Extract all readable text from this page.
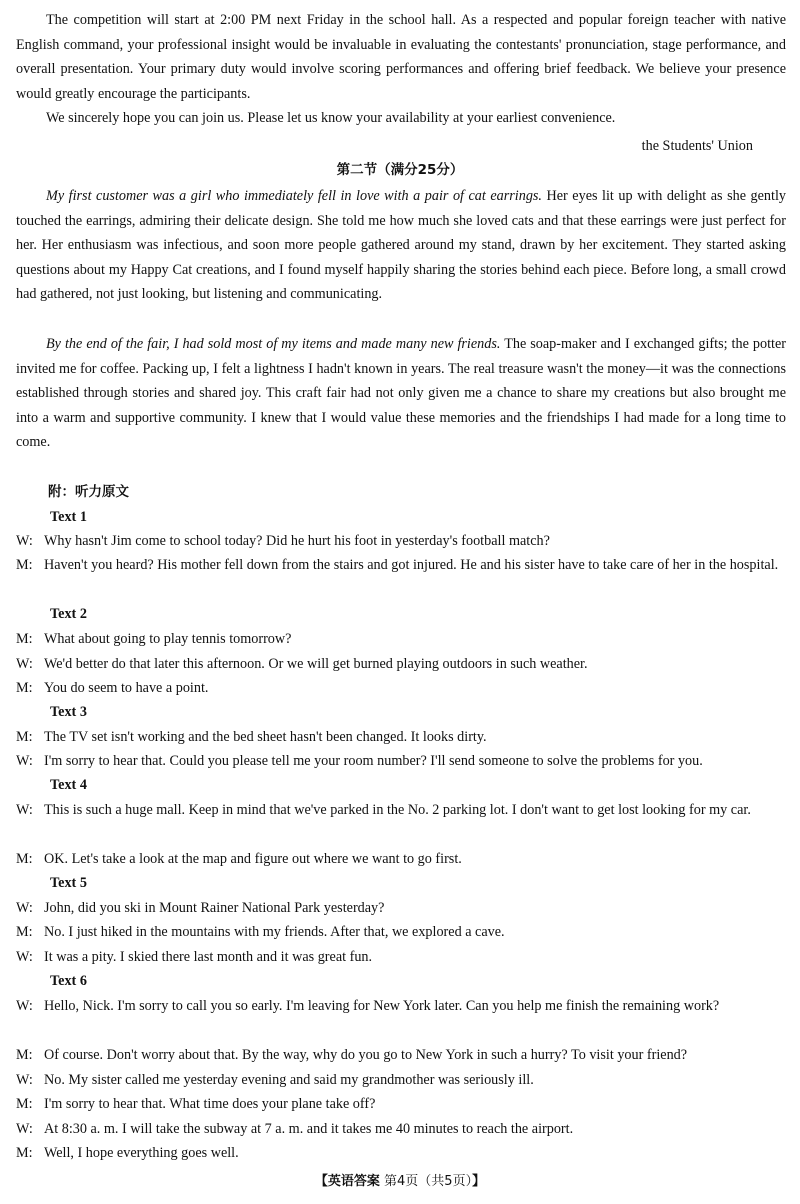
The competition will start at 2:00 PM next Friday in the school hall. As a respected and popular foreign teacher with native English command, your professional insight would be invaluable in evaluating the contestants' pronunciation, stage performance, and overall presentation. Your primary duty would involve scoring performances and offering brief feedback. We believe your presence would greatly encourage the participants.

We sincerely hope you can join us. Please let us know your availability at your earliest convenience.

the Students' Union

第二节（满分25分）

My first customer was a girl who immediately fell in love with a pair of cat earrings. Her eyes lit up with delight as she gently touched the earrings, admiring their delicate design. She told me how much she loved cats and that these earrings were just perfect for her. Her enthusiasm was infectious, and soon more people gathered around my stand, drawn by her excitement. They started asking questions about my Happy Cat creations, and I found myself happily sharing the stories behind each piece. Before long, a small crowd had gathered, not just looking, but listening and communicating.

By the end of the fair, I had sold most of my items and made many new friends. The soap-maker and I exchanged gifts; the potter invited me for coffee. Packing up, I felt a lightness I hadn't known in years. The real treasure wasn't the money—it was the connections established through stories and shared joy. This craft fair had not only given me a chance to share my creations but also brought me into a warm and supportive community. I knew that I would value these memories and the friendships I had made for a long time to come.

附：听力原文

Text 1

W: Why hasn't Jim come to school today? Did he hurt his foot in yesterday's football match?

M: Haven't you heard? His mother fell down from the stairs and got injured. He and his sister have to take care of her in the hospital.

Text 2

M: What about going to play tennis tomorrow?

W: We'd better do that later this afternoon. Or we will get burned playing outdoors in such weather.

M: You do seem to have a point.

Text 3

M: The TV set isn't working and the bed sheet hasn't been changed. It looks dirty.

W: I'm sorry to hear that. Could you please tell me your room number? I'll send someone to solve the problems for you.

Text 4

W: This is such a huge mall. Keep in mind that we've parked in the No. 2 parking lot. I don't want to get lost looking for my car.

M: OK. Let's take a look at the map and figure out where we want to go first.

Text 5

W: John, did you ski in Mount Rainer National Park yesterday?

M: No. I just hiked in the mountains with my friends. After that, we explored a cave.

W: It was a pity. I skied there last month and it was great fun.

Text 6

W: Hello, Nick. I'm sorry to call you so early. I'm leaving for New York later. Can you help me finish the remaining work?

M: Of course. Don't worry about that. By the way, why do you go to New York in such a hurry? To visit your friend?

W: No. My sister called me yesterday evening and said my grandmother was seriously ill.

M: I'm sorry to hear that. What time does your plane take off?

W: At 8:30 a. m. I will take the subway at 7 a. m. and it takes me 40 minutes to reach the airport.

M: Well, I hope everything goes well.

【英语答案 第4页（共5页）】
